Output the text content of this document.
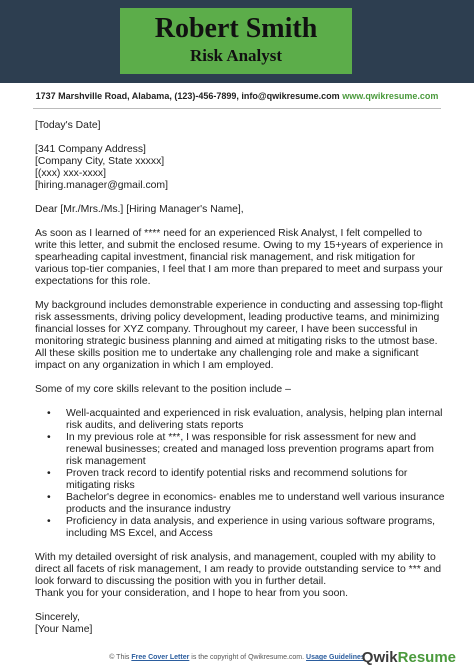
Robert Smith
Risk Analyst
1737 Marshville Road, Alabama, (123)-456-7899, info@qwikresume.com www.qwikresume.com

[Today's Date]

[341 Company Address]
[Company City, State xxxxx]
[(xxx) xxx-xxxx]
[hiring.manager@gmail.com]

Dear [Mr./Mrs./Ms.] [Hiring Manager's Name],

As soon as I learned of **** need for an experienced Risk Analyst, I felt compelled to write this letter, and submit the enclosed resume. Owing to my 15+years of experience in spearheading capital investment, financial risk management, and risk mitigation for various top-tier companies, I feel that I am more than prepared to meet and surpass your expectations for this role.

My background includes demonstrable experience in conducting and assessing top-flight risk assessments, driving policy development, leading productive teams, and minimizing financial losses for XYZ company. Throughout my career, I have been successful in monitoring strategic business planning and aimed at mitigating risks to the utmost base. All these skills position me to undertake any challenging role and make a significant impact on any organization in which I am employed.

Some of my core skills relevant to the position include –

• Well-acquainted and experienced in risk evaluation, analysis, helping plan internal risk audits, and delivering stats reports
• In my previous role at ***, I was responsible for risk assessment for new and renewal businesses; created and managed loss prevention programs apart from risk management
• Proven track record to identify potential risks and recommend solutions for mitigating risks
• Bachelor's degree in economics- enables me to understand well various insurance products and the insurance industry
• Proficiency in data analysis, and experience in using various software programs, including MS Excel, and Access

With my detailed oversight of risk analysis, and management, coupled with my ability to direct all facets of risk management, I am ready to provide outstanding service to *** and look forward to discussing the position with you in further detail.

Thank you for your consideration, and I hope to hear from you soon.

Sincerely,
[Your Name]
© This Free Cover Letter is the copyright of Qwikresume.com. Usage Guidelines
QwikResume
